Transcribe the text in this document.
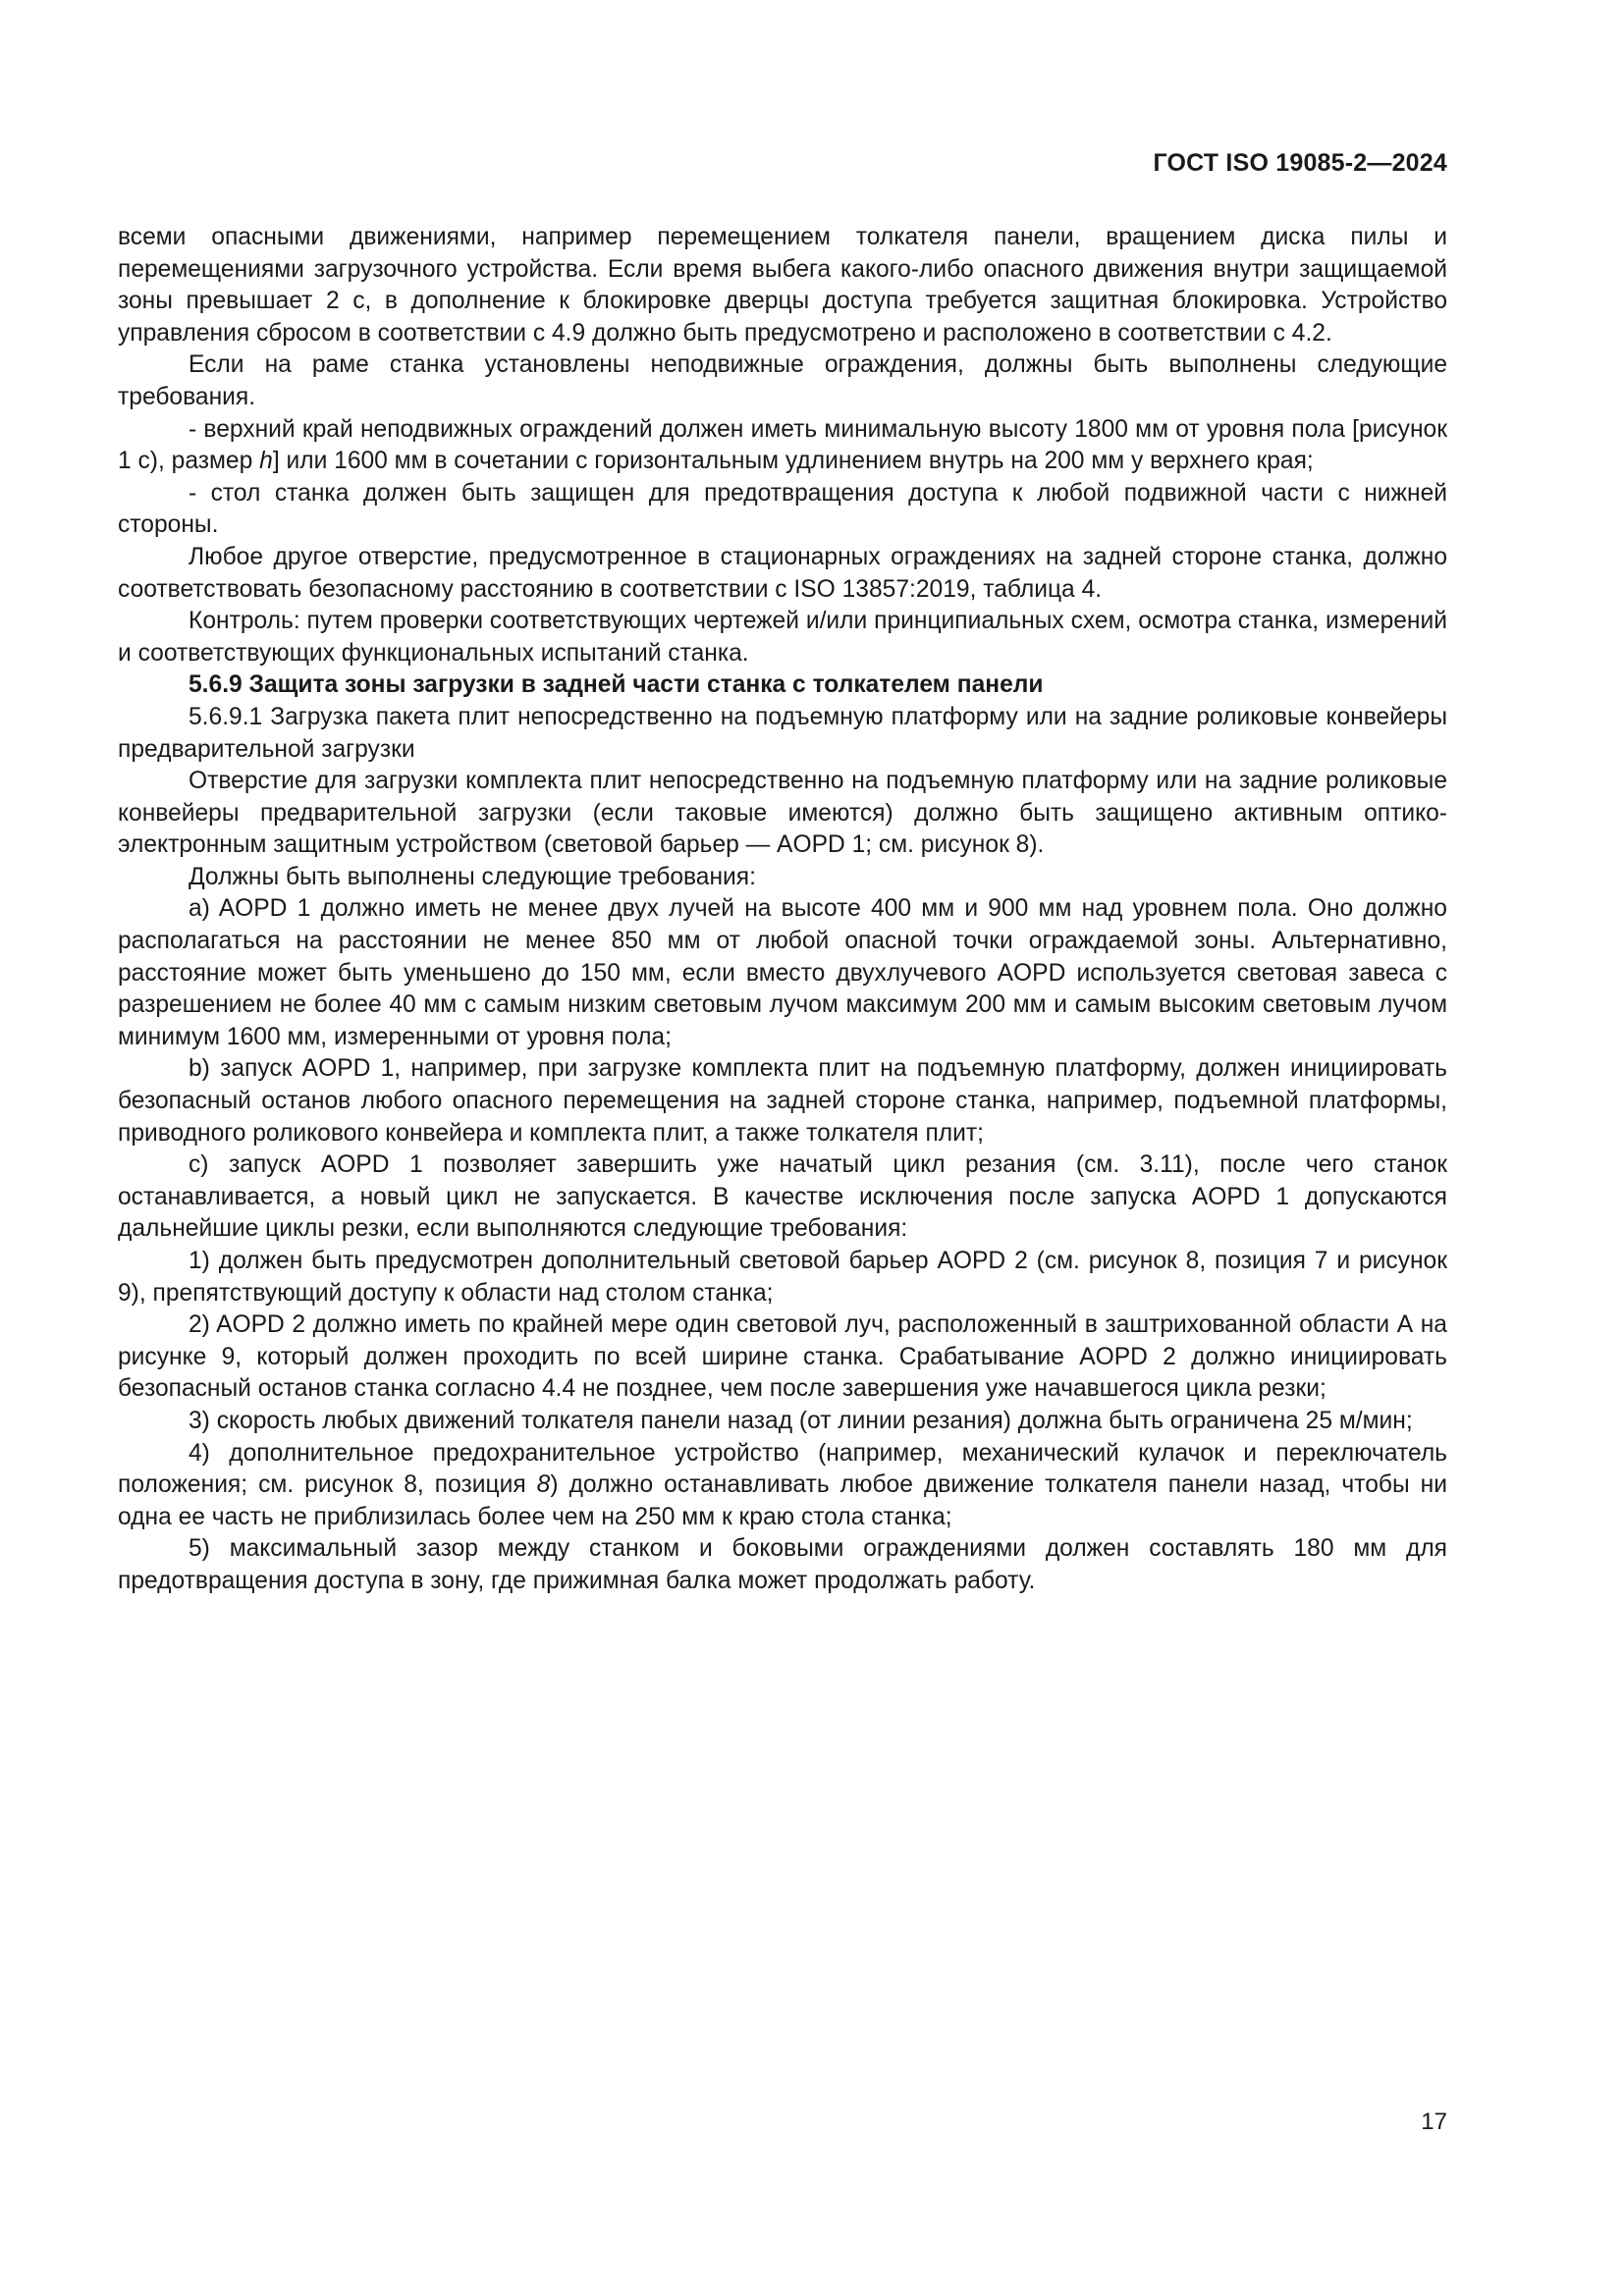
ГОСТ ISO 19085-2—2024

всеми опасными движениями, например перемещением толкателя панели, вращением диска пилы и перемещениями загрузочного устройства. Если время выбега какого-либо опасного движения внутри защищаемой зоны превышает 2 с, в дополнение к блокировке дверцы доступа требуется защитная блокировка. Устройство управления сбросом в соответствии с 4.9 должно быть предусмотрено и расположено в соответствии с 4.2.

Если на раме станка установлены неподвижные ограждения, должны быть выполнены следующие требования.

- верхний край неподвижных ограждений должен иметь минимальную высоту 1800 мм от уровня пола [рисунок 1 с), размер h] или 1600 мм в сочетании с горизонтальным удлинением внутрь на 200 мм у верхнего края;

- стол станка должен быть защищен для предотвращения доступа к любой подвижной части с нижней стороны.

Любое другое отверстие, предусмотренное в стационарных ограждениях на задней стороне станка, должно соответствовать безопасному расстоянию в соответствии с ISO 13857:2019, таблица 4.

Контроль: путем проверки соответствующих чертежей и/или принципиальных схем, осмотра станка, измерений и соответствующих функциональных испытаний станка.

5.6.9 Защита зоны загрузки в задней части станка с толкателем панели

5.6.9.1 Загрузка пакета плит непосредственно на подъемную платформу или на задние роликовые конвейеры предварительной загрузки

Отверстие для загрузки комплекта плит непосредственно на подъемную платформу или на задние роликовые конвейеры предварительной загрузки (если таковые имеются) должно быть защищено активным оптико-электронным защитным устройством (световой барьер — AOPD 1; см. рисунок 8).

Должны быть выполнены следующие требования:

a) AOPD 1 должно иметь не менее двух лучей на высоте 400 мм и 900 мм над уровнем пола. Оно должно располагаться на расстоянии не менее 850 мм от любой опасной точки ограждаемой зоны. Альтернативно, расстояние может быть уменьшено до 150 мм, если вместо двухлучевого AOPD используется световая завеса с разрешением не более 40 мм с самым низким световым лучом максимум 200 мм и самым высоким световым лучом минимум 1600 мм, измеренными от уровня пола;

b) запуск AOPD 1, например, при загрузке комплекта плит на подъемную платформу, должен инициировать безопасный останов любого опасного перемещения на задней стороне станка, например, подъемной платформы, приводного роликового конвейера и комплекта плит, а также толкателя плит;

c) запуск AOPD 1 позволяет завершить уже начатый цикл резания (см. 3.11), после чего станок останавливается, а новый цикл не запускается. В качестве исключения после запуска AOPD 1 допускаются дальнейшие циклы резки, если выполняются следующие требования:

1) должен быть предусмотрен дополнительный световой барьер AOPD 2 (см. рисунок 8, позиция 7 и рисунок 9), препятствующий доступу к области над столом станка;

2) AOPD 2 должно иметь по крайней мере один световой луч, расположенный в заштрихованной области А на рисунке 9, который должен проходить по всей ширине станка. Срабатывание AOPD 2 должно инициировать безопасный останов станка согласно 4.4 не позднее, чем после завершения уже начавшегося цикла резки;

3) скорость любых движений толкателя панели назад (от линии резания) должна быть ограничена 25 м/мин;

4) дополнительное предохранительное устройство (например, механический кулачок и переключатель положения; см. рисунок 8, позиция 8) должно останавливать любое движение толкателя панели назад, чтобы ни одна ее часть не приблизилась более чем на 250 мм к краю стола станка;

5) максимальный зазор между станком и боковыми ограждениями должен составлять 180 мм для предотвращения доступа в зону, где прижимная балка может продолжать работу.

17
